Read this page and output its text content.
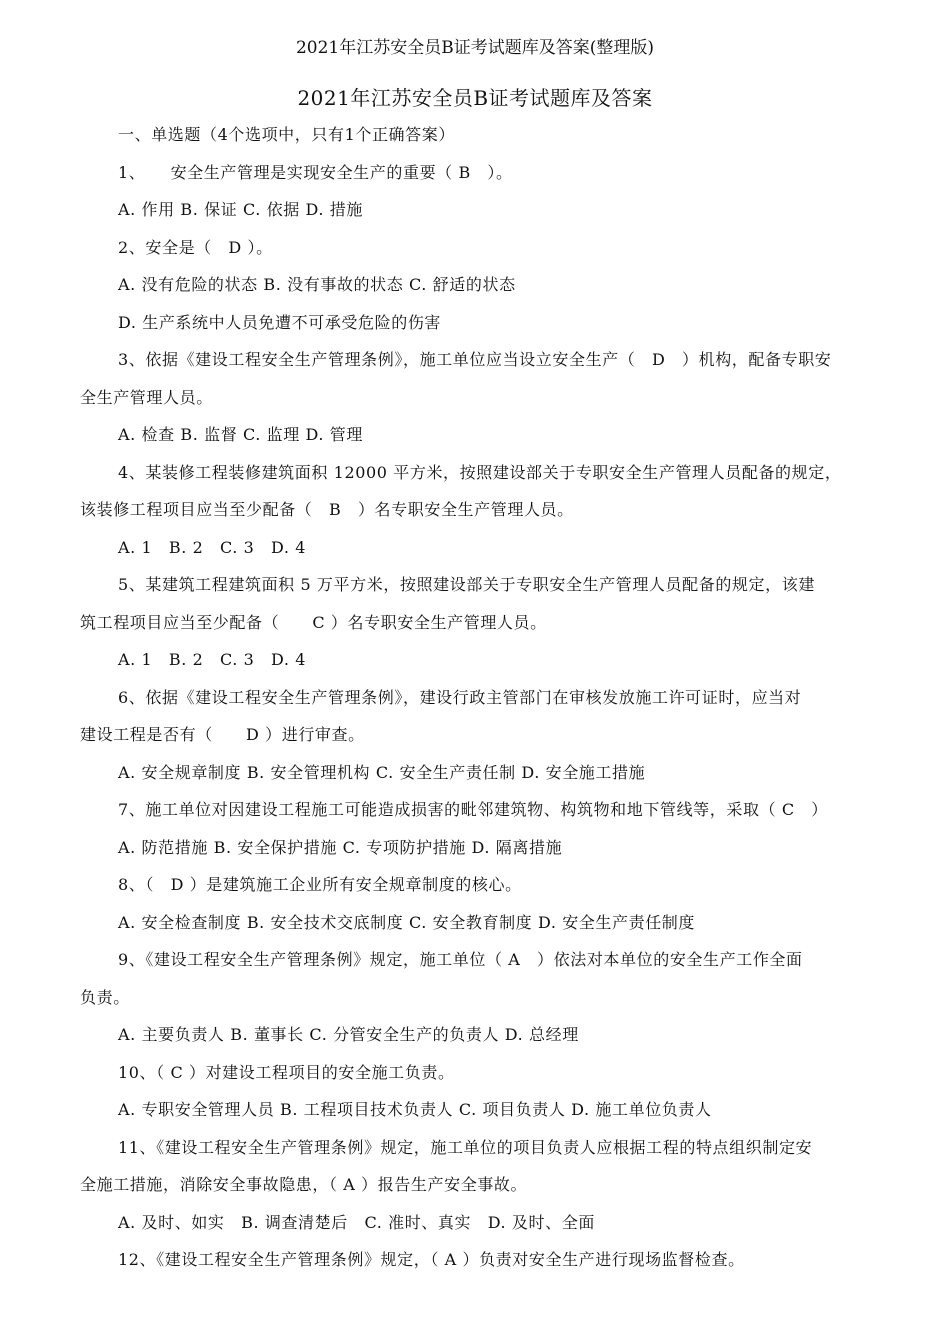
2021年江苏安全员B证考试题库及答案(整理版)
2021年江苏安全员B证考试题库及答案
一、单选题（4个选项中，只有1个正确答案）
1、　　安全生产管理是实现安全生产的重要（ B　）。
A. 作用 B. 保证 C. 依据 D. 措施
2、安全是（　D ）。
A. 没有危险的状态 B. 没有事故的状态 C. 舒适的状态
D. 生产系统中人员免遭不可承受危险的伤害
3、依据《建设工程安全生产管理条例》，施工单位应当设立安全生产（　D　）机构，配备专职安
全生产管理人员。
A. 检查 B. 监督 C. 监理 D. 管理
4、某装修工程装修建筑面积 12000 平方米，按照建设部关于专职安全生产管理人员配备的规定，
该装修工程项目应当至少配备（　B　）名专职安全生产管理人员。
A. 1　B. 2　C. 3　D. 4
5、某建筑工程建筑面积 5 万平方米，按照建设部关于专职安全生产管理人员配备的规定，该建
筑工程项目应当至少配备（　　C ）名专职安全生产管理人员。
A. 1　B. 2　C. 3　D. 4
6、依据《建设工程安全生产管理条例》，建设行政主管部门在审核发放施工许可证时，应当对
建设工程是否有（　　D ）进行审查。
A. 安全规章制度 B. 安全管理机构 C. 安全生产责任制 D. 安全施工措施
7、施工单位对因建设工程施工可能造成损害的毗邻建筑物、构筑物和地下管线等，采取（ C　）
A. 防范措施 B. 安全保护措施 C. 专项防护措施 D. 隔离措施
8、（　D ）是建筑施工企业所有安全规章制度的核心。
A. 安全检查制度 B. 安全技术交底制度 C. 安全教育制度 D. 安全生产责任制度
9、《建设工程安全生产管理条例》规定，施工单位（ A　）依法对本单位的安全生产工作全面
负责。
A. 主要负责人 B. 董事长 C. 分管安全生产的负责人 D. 总经理
10、（ C ）对建设工程项目的安全施工负责。
A. 专职安全管理人员 B. 工程项目技术负责人 C. 项目负责人 D. 施工单位负责人
11、《建设工程安全生产管理条例》规定，施工单位的项目负责人应根据工程的特点组织制定安
全施工措施，消除安全事故隐患，（ A ）报告生产安全事故。
A. 及时、如实　B. 调查清楚后　C. 准时、真实　D. 及时、全面
12、《建设工程安全生产管理条例》规定，（ A ）负责对安全生产进行现场监督检查。
